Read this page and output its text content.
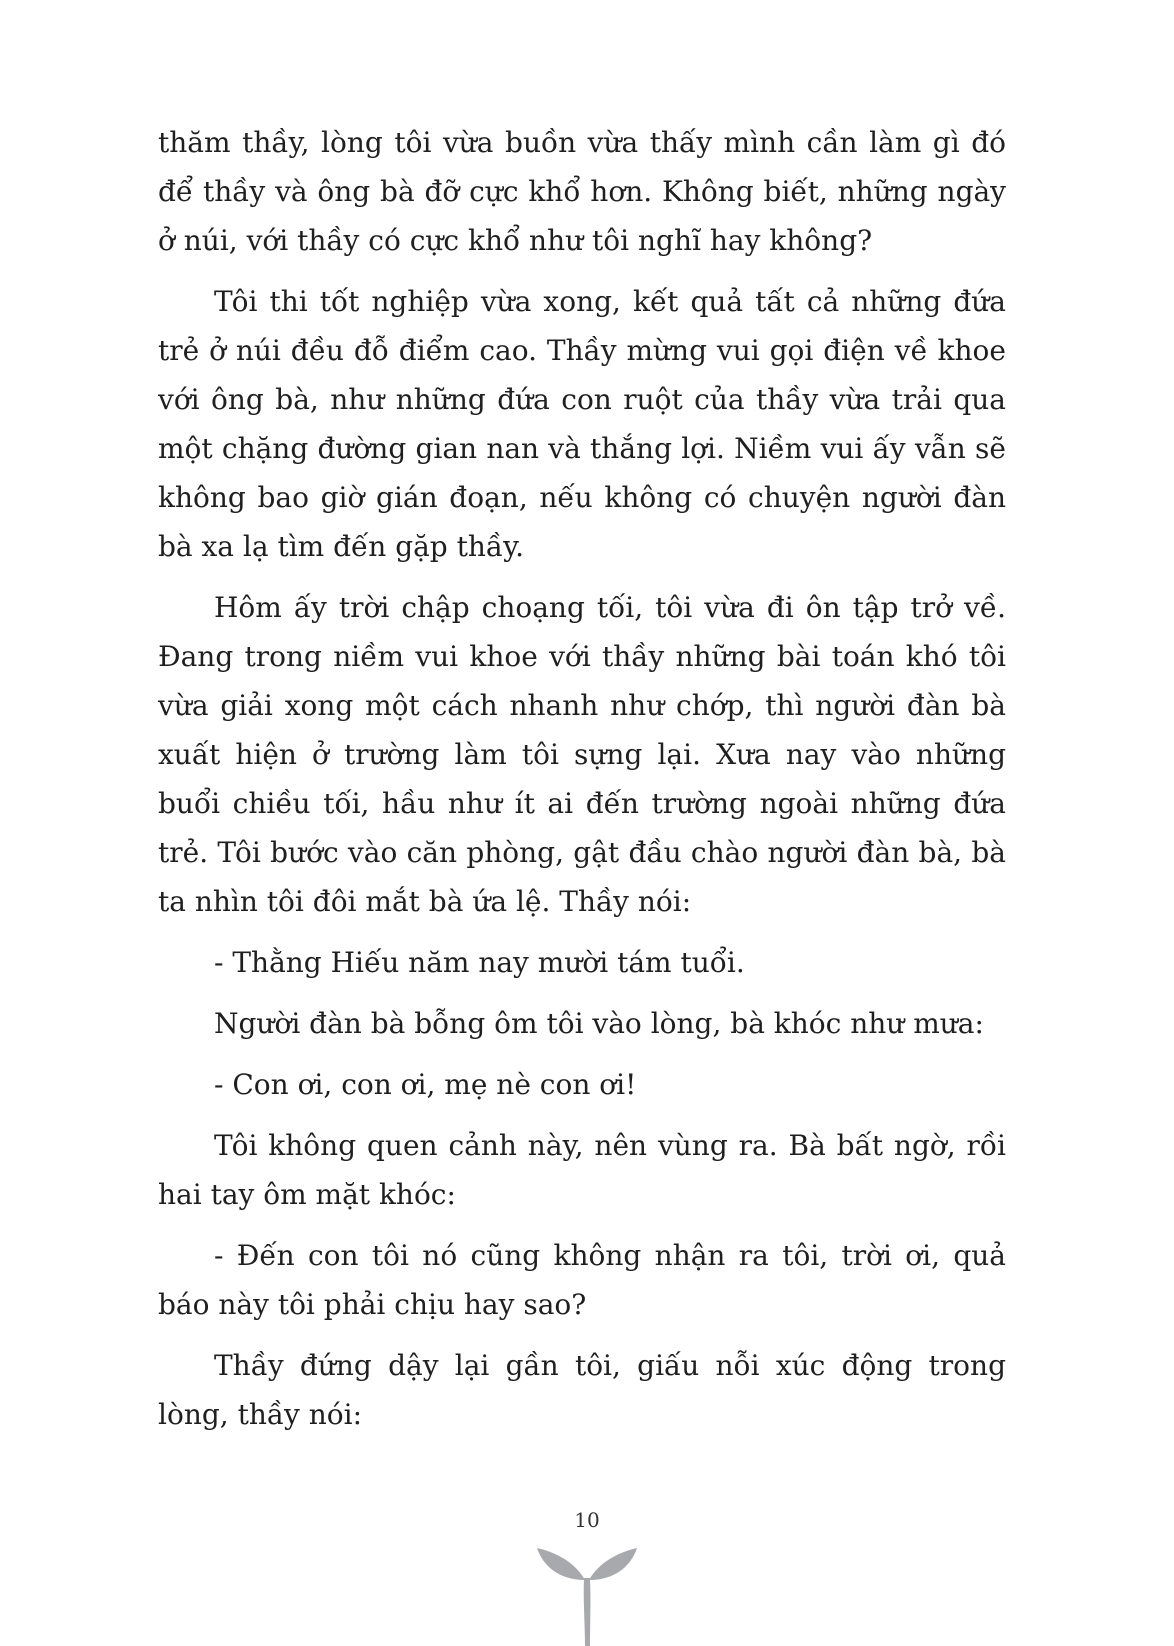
thăm thầy, lòng tôi vừa buồn vừa thấy mình cần làm gì đó để thầy và ông bà đỡ cực khổ hơn. Không biết, những ngày ở núi, với thầy có cực khổ như tôi nghĩ hay không?

Tôi thi tốt nghiệp vừa xong, kết quả tất cả những đứa trẻ ở núi đều đỗ điểm cao. Thầy mừng vui gọi điện về khoe với ông bà, như những đứa con ruột của thầy vừa trải qua một chặng đường gian nan và thắng lợi. Niềm vui ấy vẫn sẽ không bao giờ gián đoạn, nếu không có chuyện người đàn bà xa lạ tìm đến gặp thầy.

Hôm ấy trời chập choạng tối, tôi vừa đi ôn tập trở về. Đang trong niềm vui khoe với thầy những bài toán khó tôi vừa giải xong một cách nhanh như chớp, thì người đàn bà xuất hiện ở trường làm tôi sựng lại. Xưa nay vào những buổi chiều tối, hầu như ít ai đến trường ngoài những đứa trẻ. Tôi bước vào căn phòng, gật đầu chào người đàn bà, bà ta nhìn tôi đôi mắt bà ứa lệ. Thầy nói:

- Thằng Hiếu năm nay mười tám tuổi.

Người đàn bà bỗng ôm tôi vào lòng, bà khóc như mưa:

- Con ơi, con ơi, mẹ nè con ơi!

Tôi không quen cảnh này, nên vùng ra. Bà bất ngờ, rồi hai tay ôm mặt khóc:

- Đến con tôi nó cũng không nhận ra tôi, trời ơi, quả báo này tôi phải chịu hay sao?

Thầy đứng dậy lại gần tôi, giấu nỗi xúc động trong lòng, thầy nói:

10
